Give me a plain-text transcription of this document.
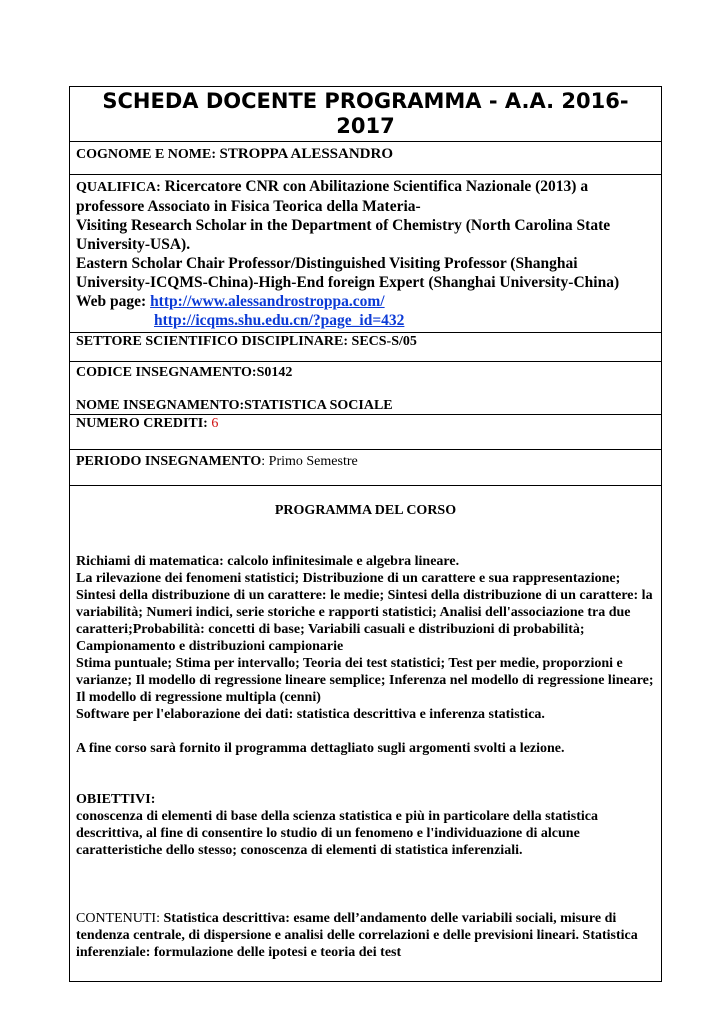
SCHEDA DOCENTE PROGRAMMA - A.A. 2016-2017
COGNOME E NOME: STROPPA ALESSANDRO
QUALIFICA: Ricercatore CNR con Abilitazione Scientifica Nazionale (2013) a professore Associato in Fisica Teorica della Materia-
Visiting Research Scholar in the Department of Chemistry (North Carolina State University-USA).
Eastern Scholar Chair Professor/Distinguished Visiting Professor (Shanghai University-ICQMS-China)-High-End foreign Expert (Shanghai University-China)
Web page: http://www.alessandrostroppa.com/
http://icqms.shu.edu.cn/?page_id=432
SETTORE SCIENTIFICO DISCIPLINARE: SECS-S/05

CODICE INSEGNAMENTO:S0142
NOME INSEGNAMENTO:STATISTICA SOCIALE

NUMERO CREDITI: 6
PERIODO INSEGNAMENTO: Primo Semestre

PROGRAMMA DEL CORSO
Richiami di matematica: calcolo infinitesimale e algebra lineare.
La rilevazione dei fenomeni statistici; Distribuzione di un carattere e sua rappresentazione; Sintesi della distribuzione di un carattere: le medie; Sintesi della distribuzione di un carattere: la variabilità; Numeri indici, serie storiche e rapporti statistici; Analisi dell'associazione tra due caratteri;Probabilità: concetti di base; Variabili casuali e distribuzioni di probabilità; Campionamento e distribuzioni campionarie
Stima puntuale; Stima per intervallo; Teoria dei test statistici; Test per medie, proporzioni e varianze; Il modello di regressione lineare semplice; Inferenza nel modello di regressione lineare; Il modello di regressione multipla (cenni)
Software per l'elaborazione dei dati: statistica descrittiva e inferenza statistica.
A fine corso sarà fornito il programma dettagliato sugli argomenti svolti a lezione.
OBIETTIVI:
conoscenza di elementi di base della scienza statistica e più in particolare della statistica descrittiva, al fine di consentire lo studio di un fenomeno e l'individuazione di alcune caratteristiche dello stesso; conoscenza di elementi di statistica inferenziali.
CONTENUTI: Statistica descrittiva: esame dell’andamento delle variabili sociali, misure di tendenza centrale, di dispersione e analisi delle correlazioni e delle previsioni lineari. Statistica inferenziale: formulazione delle ipotesi e teoria dei test
